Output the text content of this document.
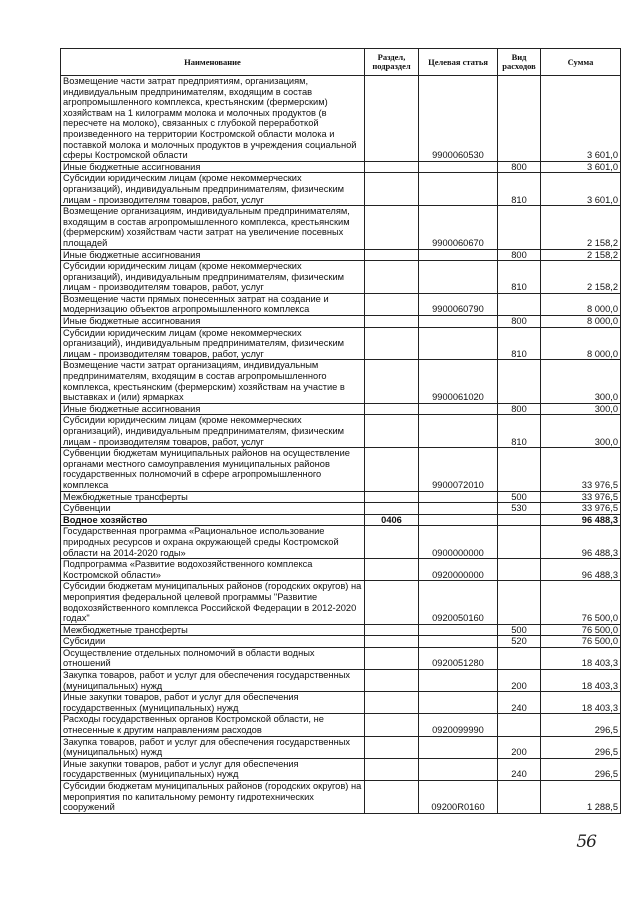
Наименование	Раздел, подраздел	Целевая статья	Вид расходов	Сумма
Возмещение части затрат предприятиям, организациям, индивидуальным предпринимателям, входящим в состав агропромышленного комплекса, крестьянским (фермерским) хозяйствам на 1 килограмм молока и молочных продуктов (в пересчете на молоко), связанных с глубокой переработкой произведенного на территории Костромской области молока и поставкой молока и молочных продуктов в учреждения социальной сферы Костромской области		9900060530		3 601,0
Иные бюджетные ассигнования			800	3 601,0
Субсидии юридическим лицам (кроме некоммерческих организаций), индивидуальным предпринимателям, физическим лицам - производителям товаров, работ, услуг			810	3 601,0
Возмещение организациям, индивидуальным предпринимателям, входящим в состав агропромышленного комплекса, крестьянским (фермерским) хозяйствам части затрат на увеличение посевных площадей		9900060670		2 158,2
Иные бюджетные ассигнования			800	2 158,2
Субсидии юридическим лицам (кроме некоммерческих организаций), индивидуальным предпринимателям, физическим лицам - производителям товаров, работ, услуг			810	2 158,2
Возмещение части прямых понесенных затрат на создание и модернизацию объектов агропромышленного комплекса		9900060790		8 000,0
Иные бюджетные ассигнования			800	8 000,0
Субсидии юридическим лицам (кроме некоммерческих организаций), индивидуальным предпринимателям, физическим лицам - производителям товаров, работ, услуг			810	8 000,0
Возмещение части затрат организациям, индивидуальным предпринимателям, входящим в состав агропромышленного комплекса, крестьянским (фермерским) хозяйствам на участие в выставках и (или) ярмарках		9900061020		300,0
Иные бюджетные ассигнования			800	300,0
Субсидии юридическим лицам (кроме некоммерческих организаций), индивидуальным предпринимателям, физическим лицам - производителям товаров, работ, услуг			810	300,0
Субвенции бюджетам муниципальных районов на осуществление органами местного самоуправления муниципальных районов государственных полномочий в сфере агропромышленного комплекса		9900072010		33 976,5
Межбюджетные трансферты			500	33 976,5
Субвенции			530	33 976,5
Водное хозяйство	0406			96 488,3
Государственная программа «Рациональное использование природных ресурсов и охрана окружающей среды Костромской области на 2014-2020 годы»		0900000000		96 488,3
Подпрограмма «Развитие водохозяйственного комплекса Костромской области»		0920000000		96 488,3
Субсидии бюджетам муниципальных районов (городских округов) на мероприятия федеральной целевой программы "Развитие водохозяйственного комплекса Российской Федерации в 2012-2020 годах"		0920050160		76 500,0
Межбюджетные трансферты			500	76 500,0
Субсидии			520	76 500,0
Осуществление отдельных полномочий в области водных отношений		0920051280		18 403,3
Закупка товаров, работ и услуг для обеспечения государственных (муниципальных) нужд			200	18 403,3
Иные закупки товаров, работ и услуг для обеспечения государственных (муниципальных) нужд			240	18 403,3
Расходы государственных органов Костромской области, не отнесенные к другим направлениям расходов		0920099990		296,5
Закупка товаров, работ и услуг для обеспечения государственных (муниципальных) нужд			200	296,5
Иные закупки товаров, работ и услуг для обеспечения государственных (муниципальных) нужд			240	296,5
Субсидии бюджетам муниципальных районов (городских округов) на мероприятия по капитальному ремонту гидротехнических сооружений		09200R0160		1 288,5
56
